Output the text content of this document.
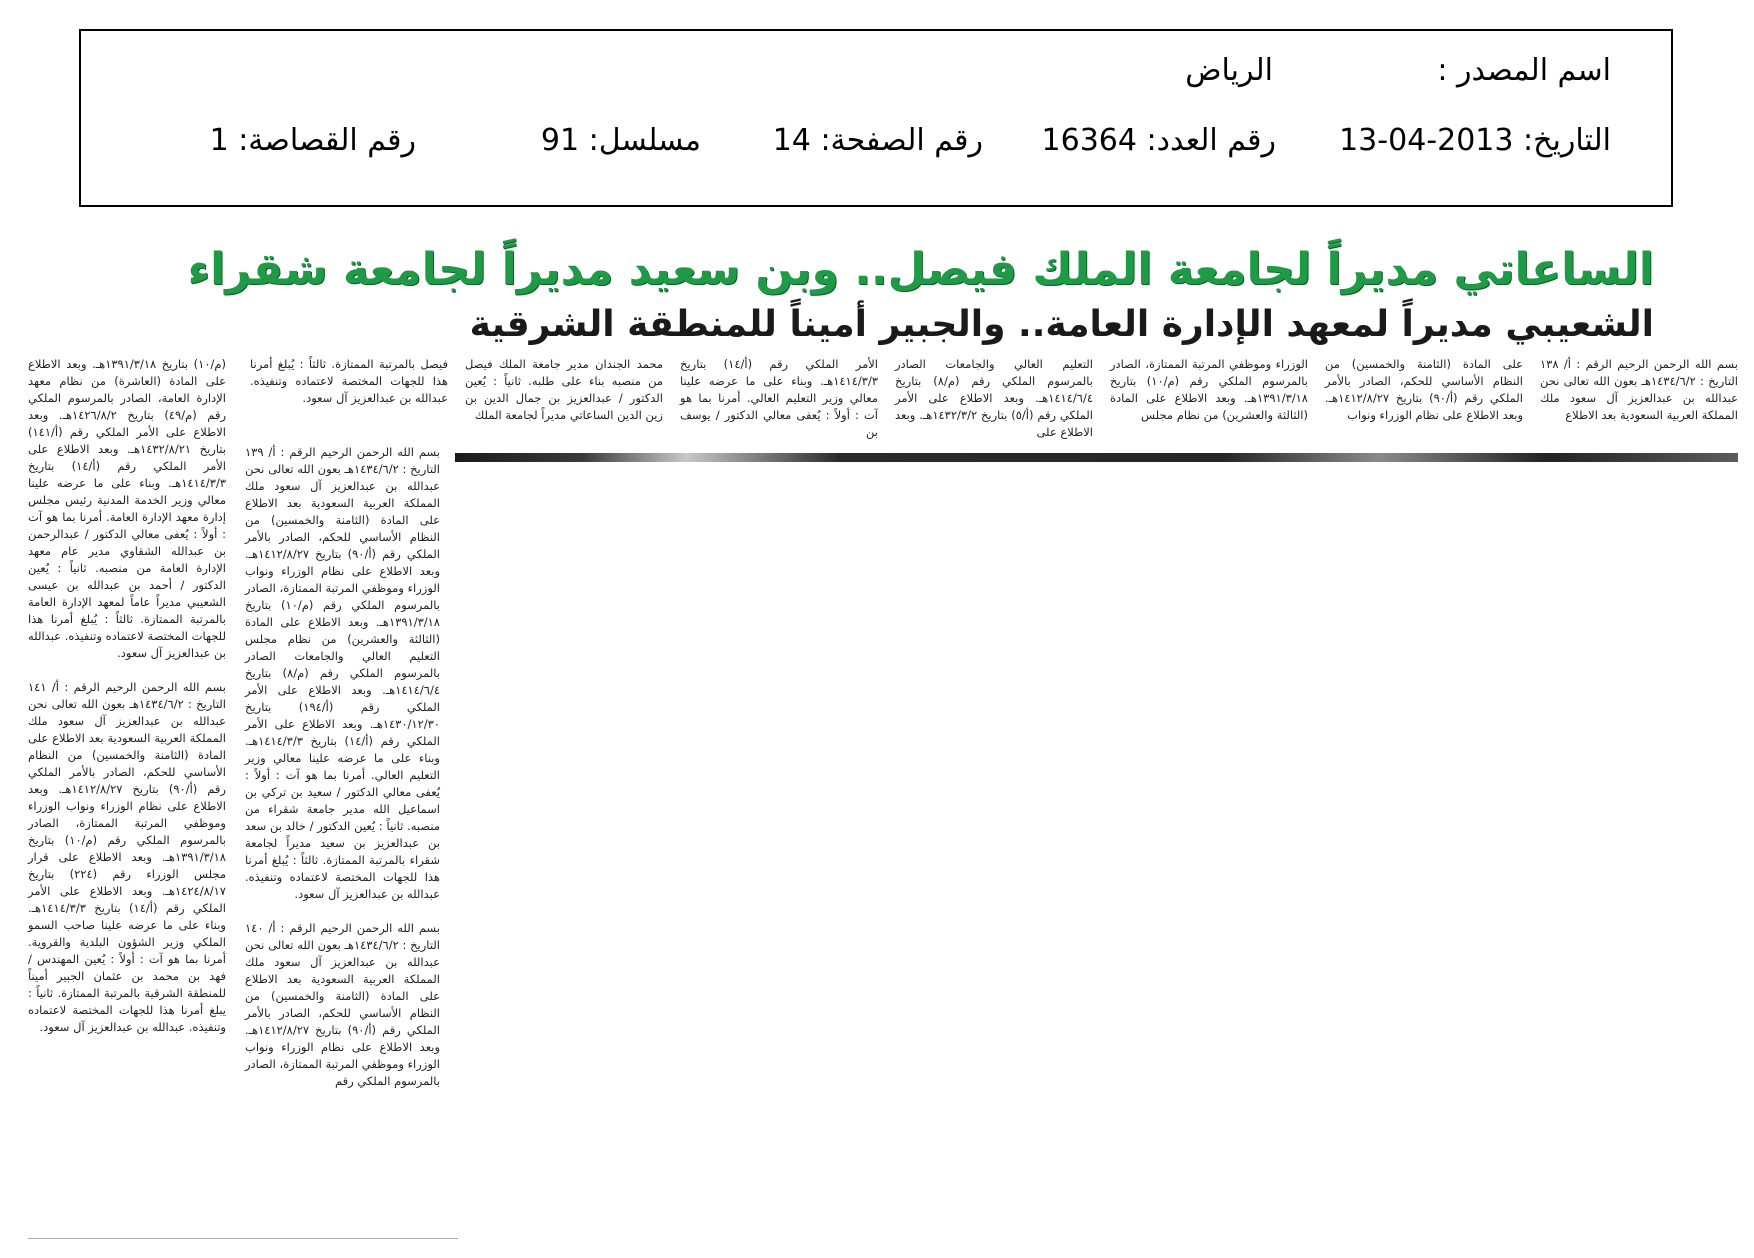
اسم المصدر :
الرياض
التاريخ: 2013-04-13
رقم العدد: 16364
رقم الصفحة: 14
مسلسل: 91
رقم القصاصة: 1
الساعاتي مديراً لجامعة الملك فيصل.. وبن سعيد مديراً لجامعة شقراء
الشعيبي مديراً لمعهد الإدارة العامة.. والجبير أميناً للمنطقة الشرقية
بسم الله الرحمن الرحيم الرقم : أ/ ١٣٨ التاريخ : ١٤٣٤/٦/٢هـ بعون الله تعالى نحن عبدالله بن عبدالعزيز آل سعود ملك المملكة العربية السعودية بعد الاطلاع
على المادة (الثامنة والخمسين) من النظام الأساسي للحكم، الصادر بالأمر الملكي رقم (أ/٩٠) بتاريخ ١٤١٢/٨/٢٧هـ. وبعد الاطلاع على نظام الوزراء ونواب
الوزراء وموظفي المرتبة الممتازة، الصادر بالمرسوم الملكي رقم (م/١٠) بتاريخ ١٣٩١/٣/١٨هـ. وبعد الاطلاع على المادة (الثالثة والعشرين) من نظام مجلس
التعليم العالي والجامعات الصادر بالمرسوم الملكي رقم (م/٨) بتاريخ ١٤١٤/٦/٤هـ. وبعد الاطلاع على الأمر الملكي رقم (أ/٥) بتاريخ ١٤٣٢/٣/٢هـ. وبعد الاطلاع على
الأمر الملكي رقم (أ/١٤) بتاريخ ١٤١٤/٣/٣هـ. وبناء على ما عرضه علينا معالي وزير التعليم العالي. أمرنا بما هو آت : أولاً : يُعفى معالي الدكتور / يوسف بن
محمد الجندان مدير جامعة الملك فيصل من منصبه بناء على طلبه. ثانياً : يُعين الدكتور / عبدالعزيز بن جمال الدين بن زين الدين الساعاتي مديراً لجامعة الملك
فيصل بالمرتبة الممتازة. ثالثاً : يُبلغ أمرنا هذا للجهات المختصة لاعتماده وتنفيذه. عبدالله بن عبدالعزيز آل سعود.
بسم الله الرحمن الرحيم الرقم : أ/ ١٣٩ التاريخ : ١٤٣٤/٦/٢هـ بعون الله تعالى نحن عبدالله بن عبدالعزيز آل سعود ملك المملكة العربية السعودية بعد الاطلاع على المادة (الثامنة والخمسين) من النظام الأساسي للحكم، الصادر بالأمر الملكي رقم (أ/٩٠) بتاريخ ١٤١٢/٨/٢٧هـ. وبعد الاطلاع على نظام الوزراء ونواب الوزراء وموظفي المرتبة الممتازة، الصادر بالمرسوم الملكي رقم (م/١٠) بتاريخ ١٣٩١/٣/١٨هـ. وبعد الاطلاع على المادة (الثالثة والعشرين) من نظام مجلس التعليم العالي والجامعات الصادر بالمرسوم الملكي رقم (م/٨) بتاريخ ١٤١٤/٦/٤هـ. وبعد الاطلاع على الأمر الملكي رقم (أ/١٩٤) بتاريخ ١٤٣٠/١٢/٣٠هـ. وبعد الاطلاع على الأمر الملكي رقم (أ/١٤) بتاريخ ١٤١٤/٣/٣هـ. وبناء على ما عرضه علينا معالي وزير التعليم العالي. أمرنا بما هو آت : أولاً : يُعفى معالي الدكتور / سعيد بن تركي بن اسماعيل الله مدير جامعة شقراء من منصبه. ثانياً : يُعين الدكتور / خالد بن سعد بن عبدالعزيز بن سعيد مديراً لجامعة شقراء بالمرتبة الممتازة. ثالثاً : يُبلغ أمرنا هذا للجهات المختصة لاعتماده وتنفيذه. عبدالله بن عبدالعزيز آل سعود.

بسم الله الرحمن الرحيم الرقم : أ/ ١٤٠ التاريخ : ١٤٣٤/٦/٢هـ بعون الله تعالى نحن عبدالله بن عبدالعزيز آل سعود ملك المملكة العربية السعودية بعد الاطلاع على المادة (الثامنة والخمسين) من النظام الأساسي للحكم، الصادر بالأمر الملكي رقم (أ/٩٠) بتاريخ ١٤١٢/٨/٢٧هـ. وبعد الاطلاع على نظام الوزراء ونواب الوزراء وموظفي المرتبة الممتازة، الصادر بالمرسوم الملكي رقم
(م/١٠) بتاريخ ١٣٩١/٣/١٨هـ. وبعد الاطلاع على المادة (العاشرة) من نظام معهد الإدارة العامة، الصادر بالمرسوم الملكي رقم (م/٤٩) بتاريخ ١٤٢٦/٨/٢هـ. وبعد الاطلاع على الأمر الملكي رقم (أ/١٤١) بتاريخ ١٤٣٢/٨/٢١هـ. وبعد الاطلاع على الأمر الملكي رقم (أ/١٤) بتاريخ ١٤١٤/٣/٣هـ. وبناء على ما عرضه علينا معالي وزير الخدمة المدنية رئيس مجلس إدارة معهد الإدارة العامة. أمرنا بما هو آت : أولاً : يُعفى معالي الدكتور / عبدالرحمن بن عبدالله الشقاوي مدير عام معهد الإدارة العامة من منصبه. ثانياً : يُعين الدكتور / أحمد بن عبدالله بن عيسى الشعيبي مديراً عاماً لمعهد الإدارة العامة بالمرتبة الممتازة. ثالثاً : يُبلغ أمرنا هذا للجهات المختصة لاعتماده وتنفيذه. عبدالله بن عبدالعزيز آل سعود.

بسم الله الرحمن الرحيم الرقم : أ/ ١٤١ التاريخ : ١٤٣٤/٦/٢هـ بعون الله تعالى نحن عبدالله بن عبدالعزيز آل سعود ملك المملكة العربية السعودية بعد الاطلاع على المادة (الثامنة والخمسين) من النظام الأساسي للحكم، الصادر بالأمر الملكي رقم (أ/٩٠) بتاريخ ١٤١٢/٨/٢٧هـ. وبعد الاطلاع على نظام الوزراء ونواب الوزراء وموظفي المرتبة الممتازة، الصادر بالمرسوم الملكي رقم (م/١٠) بتاريخ ١٣٩١/٣/١٨هـ. وبعد الاطلاع على قرار مجلس الوزراء رقم (٢٢٤) بتاريخ ١٤٢٤/٨/١٧هـ. وبعد الاطلاع على الأمر الملكي رقم (أ/١٤) بتاريخ ١٤١٤/٣/٣هـ. وبناء على ما عرضه علينا صاحب السمو الملكي وزير الشؤون البلدية والقروية. أمرنا بما هو آت : أولاً : يُعين المهندس / فهد بن محمد بن عثمان الجبير أميناً للمنطقة الشرقية بالمرتبة الممتازة. ثانياً : يبلغ أمرنا هذا للجهات المختصة لاعتماده وتنفيذه. عبدالله بن عبدالعزيز آل سعود.
